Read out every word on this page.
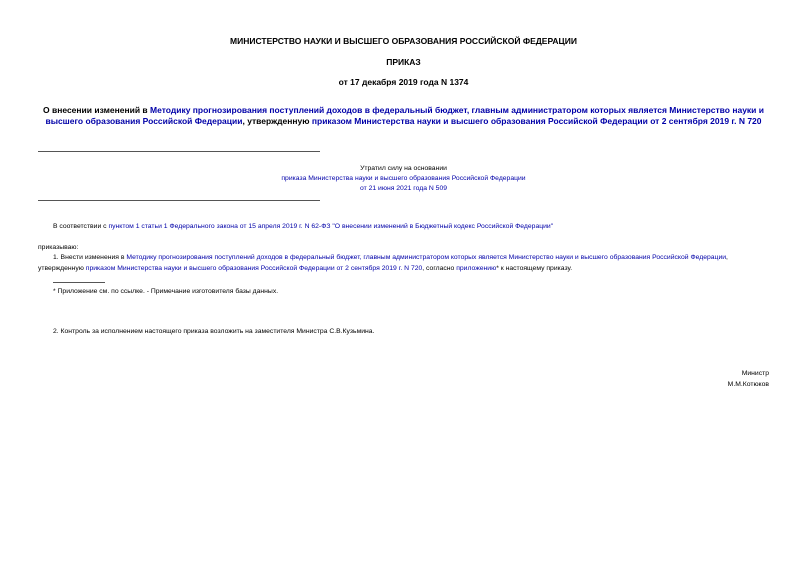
МИНИСТЕРСТВО НАУКИ И ВЫСШЕГО ОБРАЗОВАНИЯ РОССИЙСКОЙ ФЕДЕРАЦИИ
ПРИКАЗ
от 17 декабря 2019 года N 1374
О внесении изменений в Методику прогнозирования поступлений доходов в федеральный бюджет, главным администратором которых является Министерство науки и высшего образования Российской Федерации, утвержденную приказом Министерства науки и высшего образования Российской Федерации от 2 сентября 2019 г. N 720
Утратил силу на основании
приказа Министерства науки и высшего образования Российской Федерации
от 21 июня 2021 года N 509
В соответствии с пунктом 1 статьи 1 Федерального закона от 15 апреля 2019 г. N 62-ФЗ "О внесении изменений в Бюджетный кодекс Российской Федерации"
приказываю:
1. Внести изменения в Методику прогнозирования поступлений доходов в федеральный бюджет, главным администратором которых является Министерство науки и высшего образования Российской Федерации,
утвержденную приказом Министерства науки и высшего образования Российской Федерации от 2 сентября 2019 г. N 720, согласно приложению* к настоящему приказу.
* Приложение см. по ссылке. - Примечание изготовителя базы данных.
2. Контроль за исполнением настоящего приказа возложить на заместителя Министра С.В.Кузьмина.
Министр
М.М.Котюков
